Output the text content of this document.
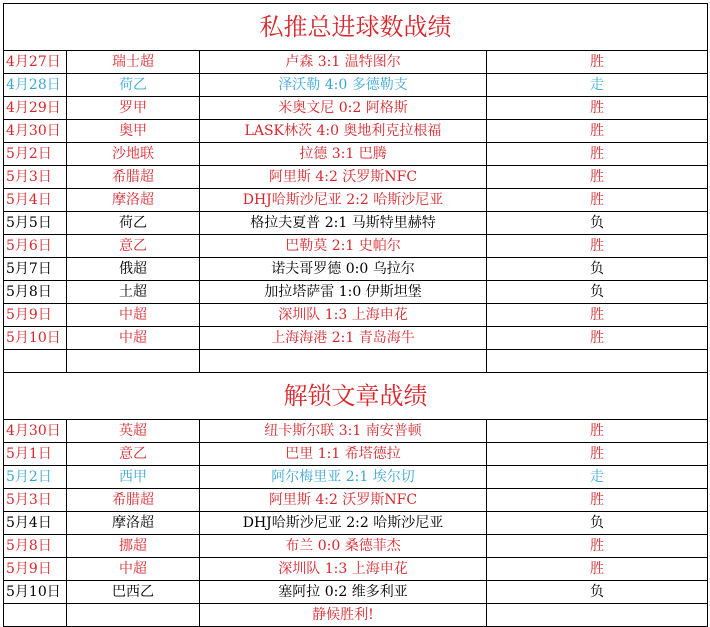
私推总进球数战绩			
4月27日	瑞士超	卢森 3:1 温特图尔	胜
4月28日	荷乙	泽沃勒 4:0 多德勒支	走
4月29日	罗甲	米奥文尼 0:2 阿格斯	胜
4月30日	奥甲	LASK林茨 4:0 奥地利克拉根福	胜
5月2日	沙地联	拉德 3:1 巴腾	胜
5月3日	希腊超	阿里斯 4:2 沃罗斯NFC	胜
5月4日	摩洛超	DHJ哈斯沙尼亚 2:2 哈斯沙尼亚	胜
5月5日	荷乙	格拉夫夏普 2:1 马斯特里赫特	负
5月6日	意乙	巴勒莫 2:1 史帕尔	胜
5月7日	俄超	诺夫哥罗德 0:0 乌拉尔	负
5月8日	土超	加拉塔萨雷 1:0 伊斯坦堡	负
5月9日	中超	深圳队 1:3 上海申花	胜
5月10日	中超	上海海港 2:1 青岛海牛	胜

解锁文章战绩			
4月30日	英超	纽卡斯尔联 3:1 南安普顿	胜
5月1日	意乙	巴里 1:1 希塔德拉	胜
5月2日	西甲	阿尔梅里亚 2:1 埃尔切	走
5月3日	希腊超	阿里斯 4:2 沃罗斯NFC	胜
5月4日	摩洛超	DHJ哈斯沙尼亚 2:2 哈斯沙尼亚	负
5月8日	挪超	布兰 0:0 桑德菲杰	胜
5月9日	中超	深圳队 1:3 上海申花	胜
5月10日	巴西乙	塞阿拉 0:2 维多利亚	负
		静候胜利!	
